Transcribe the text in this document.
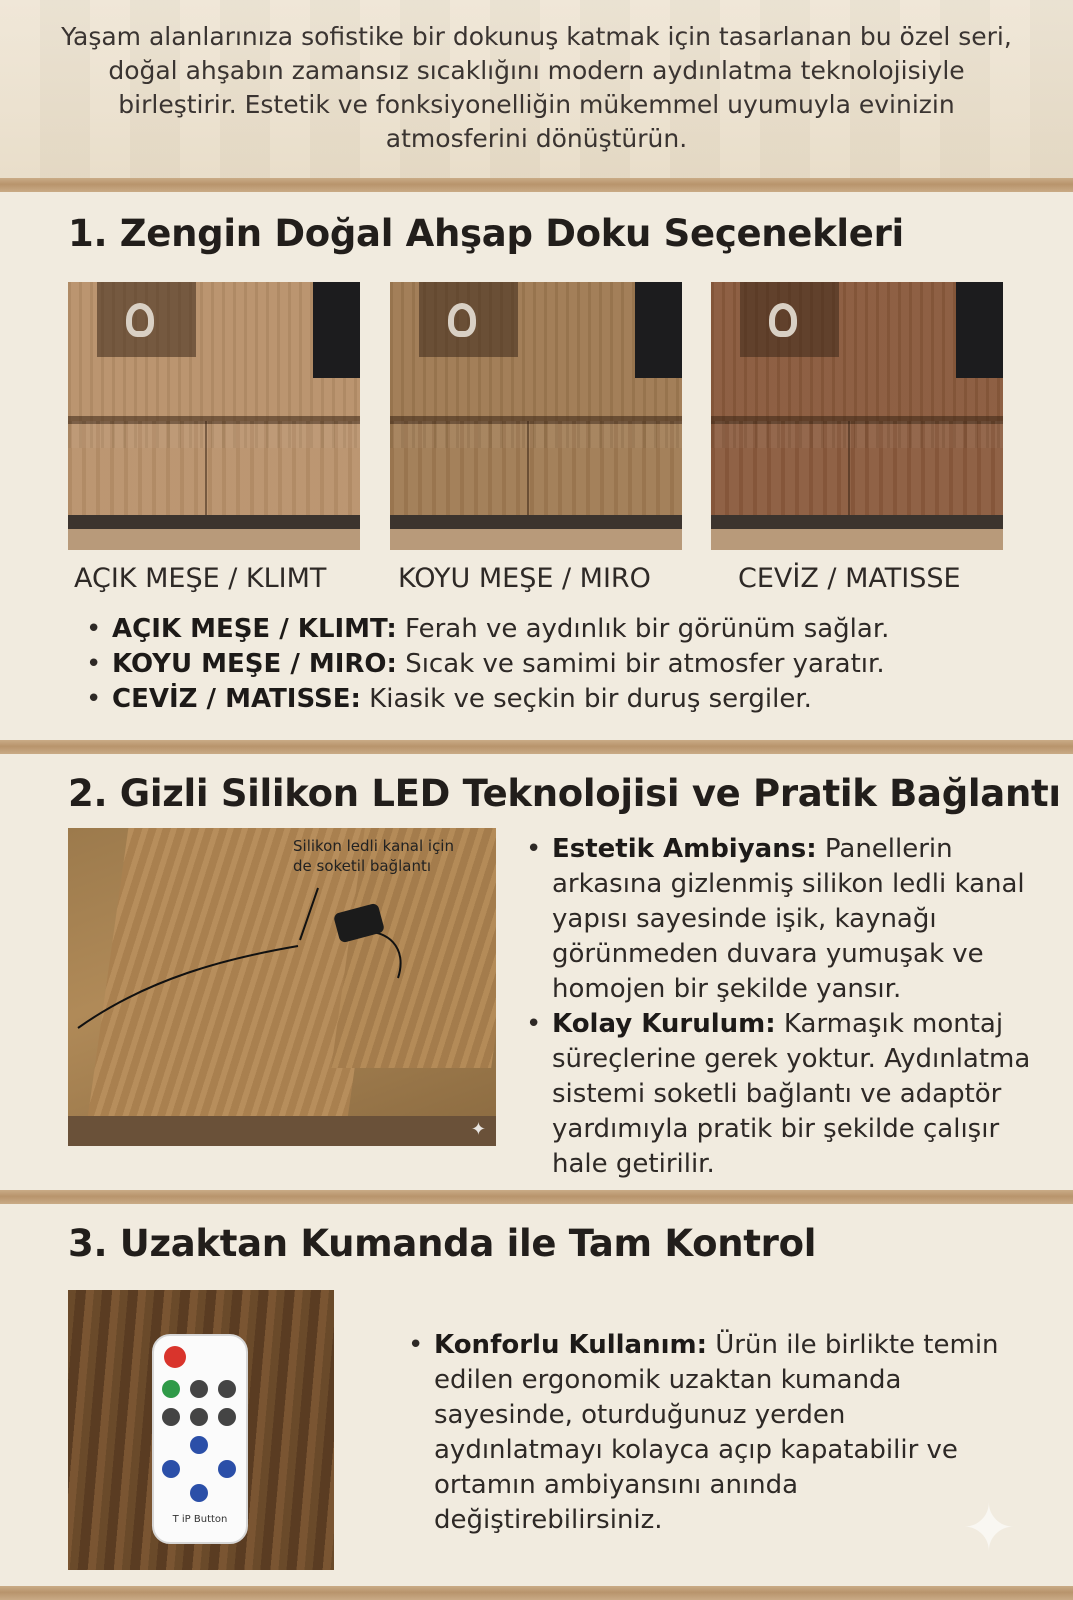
Yaşam alanlarınıza sofistike bir dokunuş katmak için tasarlanan bu özel seri, doğal ahşabın zamansız sıcaklığını modern aydınlatma teknolojisiyle birleştirir. Estetik ve fonksiyonelliğin mükemmel uyumuyla evinizin atmosferini dönüştürün.

1. Zengin Doğal Ahşap Doku Seçenekleri
AÇIK MEŞE / KLIMT	KOYU MEŞE / MIRO	CEVİZ / MATISSE
• AÇIK MEŞE / KLIMT: Ferah ve aydınlık bir görünüm sağlar.
• KOYU MEŞE / MIRO: Sıcak ve samimi bir atmosfer yaratır.
• CEVİZ / MATISSE: Kiasik ve seçkin bir duruş sergiler.
2. Gizli Silikon LED Teknolojisi ve Pratik Bağlantı
Silikon ledli kanal için de soketil bağlantı
✦
• Estetik Ambiyans: Panellerin arkasına gizlenmiş silikon ledli kanal yapısı sayesinde işik, kaynağı görünmeden duvara yumuşak ve homojen bir şekilde yansır.
• Kolay Kurulum: Karmaşık montaj süreçlerine gerek yoktur. Aydınlatma sistemi soketli bağlantı ve adaptör yardımıyla pratik bir şekilde çalışır hale getirilir.
3. Uzaktan Kumanda ile Tam Kontrol
T iP Button
• Konforlu Kullanım: Ürün ile birlikte temin edilen ergonomik uzaktan kumanda sayesinde, oturduğunuz yerden aydınlatmayı kolayca açıp kapatabilir ve ortamın ambiyansını anında değiştirebilirsiniz.	✦
